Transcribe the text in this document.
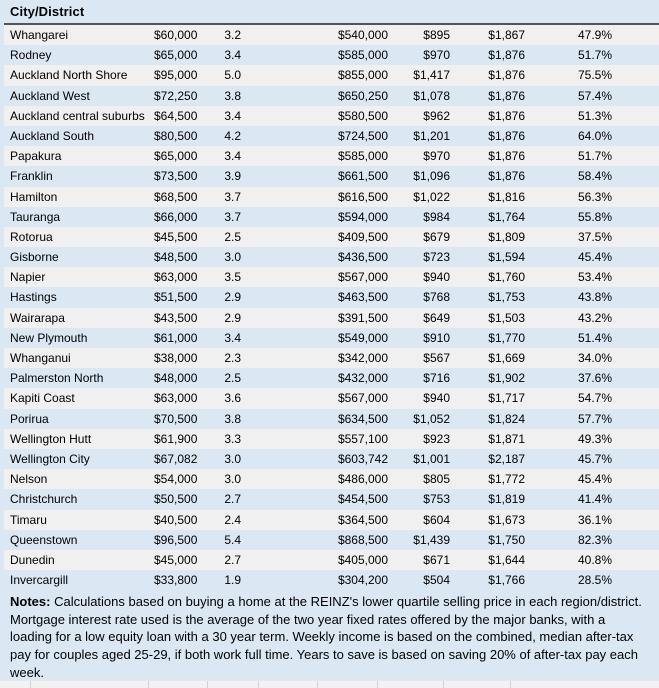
City/District
Whangarei	$60,000	3.2	$540,000	$895	$1,867	47.9%
Rodney	$65,000	3.4	$585,000	$970	$1,876	51.7%
Auckland North Shore	$95,000	5.0	$855,000	$1,417	$1,876	75.5%
Auckland West	$72,250	3.8	$650,250	$1,078	$1,876	57.4%
Auckland central suburbs $64,500	3.4	$580,500	$962	$1,876	51.3%
Auckland South	$80,500	4.2	$724,500	$1,201	$1,876	64.0%
Papakura	$65,000	3.4	$585,000	$970	$1,876	51.7%
Franklin	$73,500	3.9	$661,500	$1,096	$1,876	58.4%
Hamilton	$68,500	3.7	$616,500	$1,022	$1,816	56.3%
Tauranga	$66,000	3.7	$594,000	$984	$1,764	55.8%
Rotorua	$45,500	2.5	$409,500	$679	$1,809	37.5%
Gisborne	$48,500	3.0	$436,500	$723	$1,594	45.4%
Napier	$63,000	3.5	$567,000	$940	$1,760	53.4%
Hastings	$51,500	2.9	$463,500	$768	$1,753	43.8%
Wairarapa	$43,500	2.9	$391,500	$649	$1,503	43.2%
New Plymouth	$61,000	3.4	$549,000	$910	$1,770	51.4%
Whanganui	$38,000	2.3	$342,000	$567	$1,669	34.0%
Palmerston North	$48,000	2.5	$432,000	$716	$1,902	37.6%
Kapiti Coast	$63,000	3.6	$567,000	$940	$1,717	54.7%
Porirua	$70,500	3.8	$634,500	$1,052	$1,824	57.7%
Wellington Hutt	$61,900	3.3	$557,100	$923	$1,871	49.3%
Wellington City	$67,082	3.0	$603,742	$1,001	$2,187	45.7%
Nelson	$54,000	3.0	$486,000	$805	$1,772	45.4%
Christchurch	$50,500	2.7	$454,500	$753	$1,819	41.4%
Timaru	$40,500	2.4	$364,500	$604	$1,673	36.1%
Queenstown	$96,500	5.4	$868,500	$1,439	$1,750	82.3%
Dunedin	$45,000	2.7	$405,000	$671	$1,644	40.8%
Invercargill	$33,800	1.9	$304,200	$504	$1,766	28.5%
Notes: Calculations based on buying a home at the REINZ's lower quartile selling price in each region/district. Mortgage interest rate used is the average of the two year fixed rates offered by the major banks, with a loading for a low equity loan with a 30 year term. Weekly income is based on the combined, median after-tax pay for couples aged 25-29, if both work full time. Years to save is based on saving 20% of after-tax pay each week.
